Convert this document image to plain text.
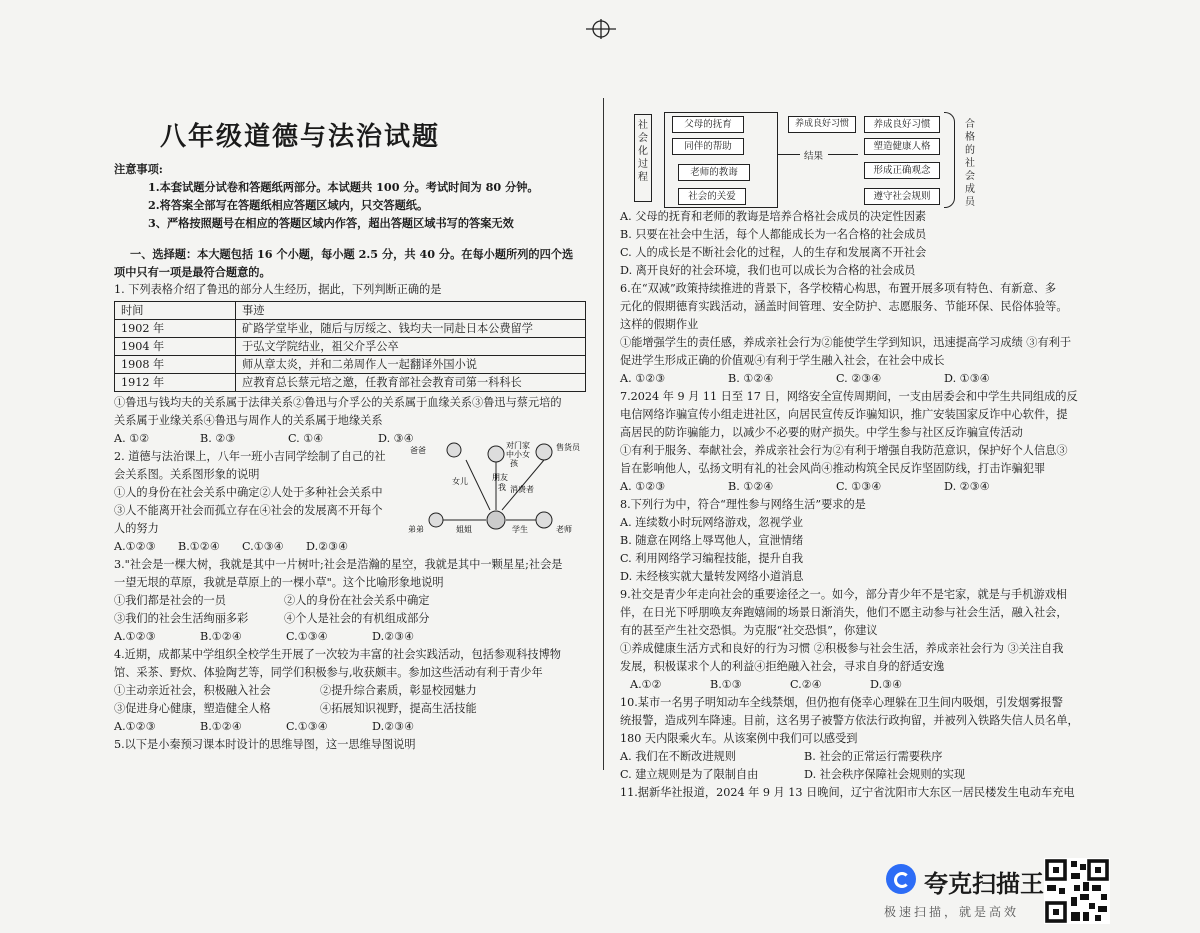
八年级道德与法治试题
注意事项:
1.本套试题分试卷和答题纸两部分。本试题共 100 分。考试时间为 80 分钟。
2.将答案全部写在答题纸相应答题区域内，只交答题纸。
3、严格按照题号在相应的答题区域内作答，超出答题区域书写的答案无效
一、选择题：本大题包括 16 个小题，每小题 2.5 分，共 40 分。在每小题所列的四个选
项中只有一项是最符合题意的。
1. 下列表格介绍了鲁迅的部分人生经历，据此，下列判断正确的是
时间	事迹
1902 年	矿路学堂毕业，随后与厉绥之、钱均夫一同赴日本公费留学
1904 年	于弘文学院结业，祖父介孚公卒
1908 年	师从章太炎，并和二弟周作人一起翻译外国小说
1912 年	应教育总长蔡元培之邀，任教育部社会教育司第一科科长
①鲁迅与钱均夫的关系属于法律关系②鲁迅与介孚公的关系属于血缘关系③鲁迅与蔡元培的
关系属于业缘关系④鲁迅与周作人的关系属于地缘关系
A. ①②	B. ②③	C. ①④	D. ③④
2. 道德与法治课上，八年一班小吉同学绘制了自己的社
会关系图。关系图形象的说明
①人的身份在社会关系中确定②人处于多种社会关系中
③人不能离开社会而孤立存在④社会的发展离不开每个
人的努力
A.①②③ B.①②④ C.①③④ D.②③④
爸爸
对门家
中小女
孩
售货员
女儿	朋友
我 消费者
弟弟	姐姐	学生	老师
3."社会是一棵大树，我就是其中一片树叶;社会是浩瀚的星空，我就是其中一颗星星;社会是
一望无垠的草原，我就是草原上的一棵小草"。这个比喻形象地说明
①我们都是社会的一员	②人的身份在社会关系中确定
③我们的社会生活绚丽多彩	④个人是社会的有机组成部分
A.①②③	B.①②④	C.①③④	D.②③④
4.近期，成都某中学组织全校学生开展了一次较为丰富的社会实践活动，包括参观科技博物
馆、采茶、野炊、体验陶艺等，同学们积极参与,收获颇丰。参加这些活动有利于青少年
①主动亲近社会，积极融入社会	②提升综合素质，彰显校园魅力
③促进身心健康，塑造健全人格	④拓展知识视野，提高生活技能
A.①②③	B.①②④	C.①③④	D.②③④
5.以下是小秦预习课本时设计的思维导图，这一思维导图说明
社会化过程
父母的抚育
同伴的帮助
老师的教诲
社会的关爱
结果
养成良好习惯	养成良好习惯
塑造健康人格
形成正确观念
遵守社会规则
合格的社会成员
A. 父母的抚育和老师的教诲是培养合格社会成员的决定性因素
B. 只要在社会中生活，每个人都能成长为一名合格的社会成员
C. 人的成长是不断社会化的过程，人的生存和发展离不开社会
D. 离开良好的社会环境，我们也可以成长为合格的社会成员
6.在“双减”政策持续推进的背景下，各学校精心构思，布置开展多项有特色、有新意、多
元化的假期德育实践活动，涵盖时间管理、安全防护、志愿服务、节能环保、民俗体验等。
这样的假期作业
①能增强学生的责任感，养成亲社会行为②能使学生学到知识，迅速提高学习成绩 ③有利于
促进学生形成正确的价值观④有利于学生融入社会，在社会中成长
A. ①②③	B. ①②④	C. ②③④	D. ①③④
7.2024 年 9 月 11 日至 17 日，网络安全宣传周期间，一支由居委会和中学生共同组成的反
电信网络诈骗宣传小组走进社区，向居民宣传反诈骗知识，推广安装国家反诈中心软件，提
高居民的防诈骗能力，以减少不必要的财产损失。中学生参与社区反诈骗宣传活动
①有利于服务、奉献社会，养成亲社会行为②有利于增强自我防范意识，保护好个人信息③
旨在影响他人，弘扬文明有礼的社会风尚④推动构筑全民反诈坚固防线，打击诈骗犯罪
A. ①②③	B. ①②④	C. ①③④	D. ②③④
8.下列行为中，符合“理性参与网络生活”要求的是
A. 连续数小时玩网络游戏，忽视学业
B. 随意在网络上辱骂他人，宣泄情绪
C. 利用网络学习编程技能，提升自我
D. 未经核实就大量转发网络小道消息
9.社交是青少年走向社会的重要途径之一。如今，部分青少年不是宅家，就是与手机游戏相
伴，在日光下呼朋唤友奔跑嬉闹的场景日渐消失，他们不愿主动参与社会生活，融入社会，
有的甚至产生社交恐惧。为克服“社交恐惧”，你建议
①养成健康生活方式和良好的行为习惯 ②积极参与社会生活，养成亲社会行为 ③关注自我
发展，积极谋求个人的利益④拒绝融入社会，寻求自身的舒适安逸
A.①②	B.①③	C.②④	D.③④
10.某市一名男子明知动车全线禁烟，但仍抱有侥幸心理躲在卫生间内吸烟，引发烟雾报警
统报警，造成列车降速。目前，这名男子被警方依法行政拘留，并被列入铁路失信人员名单，
180 天内限乘火车。从该案例中我们可以感受到
A. 我们在不断改进规则	B. 社会的正常运行需要秩序
C. 建立规则是为了限制自由	D. 社会秩序保障社会规则的实现
11.据新华社报道，2024 年 9 月 13 日晚间，辽宁省沈阳市大东区一居民楼发生电动车充电
夸克扫描王
极速扫描，就是高效
